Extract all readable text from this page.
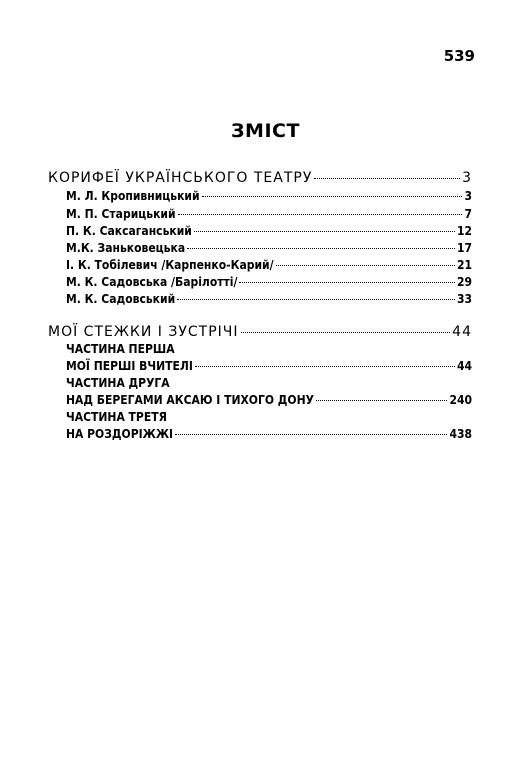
539
ЗМІСТ
КОРИФЕЇ УКРАЇНСЬКОГО ТЕАТРУ	3
М. Л. Кропивницький	3
М. П. Старицький	7
П. К. Саксаганський	12
М.К. Заньковецька	17
І. К. Тобілевич /Карпенко-Карий/	21
М. К. Садовська /Барілотті/	29
М. К. Садовський	33
МОЇ СТЕЖКИ І ЗУСТРІЧІ	44
ЧАСТИНА ПЕРША
МОЇ ПЕРШІ ВЧИТЕЛІ	44
ЧАСТИНА ДРУГА
НАД БЕРЕГАМИ АКСАЮ І ТИХОГО ДОНУ	240
ЧАСТИНА ТРЕТЯ
НА РОЗДОРІЖЖІ	438
